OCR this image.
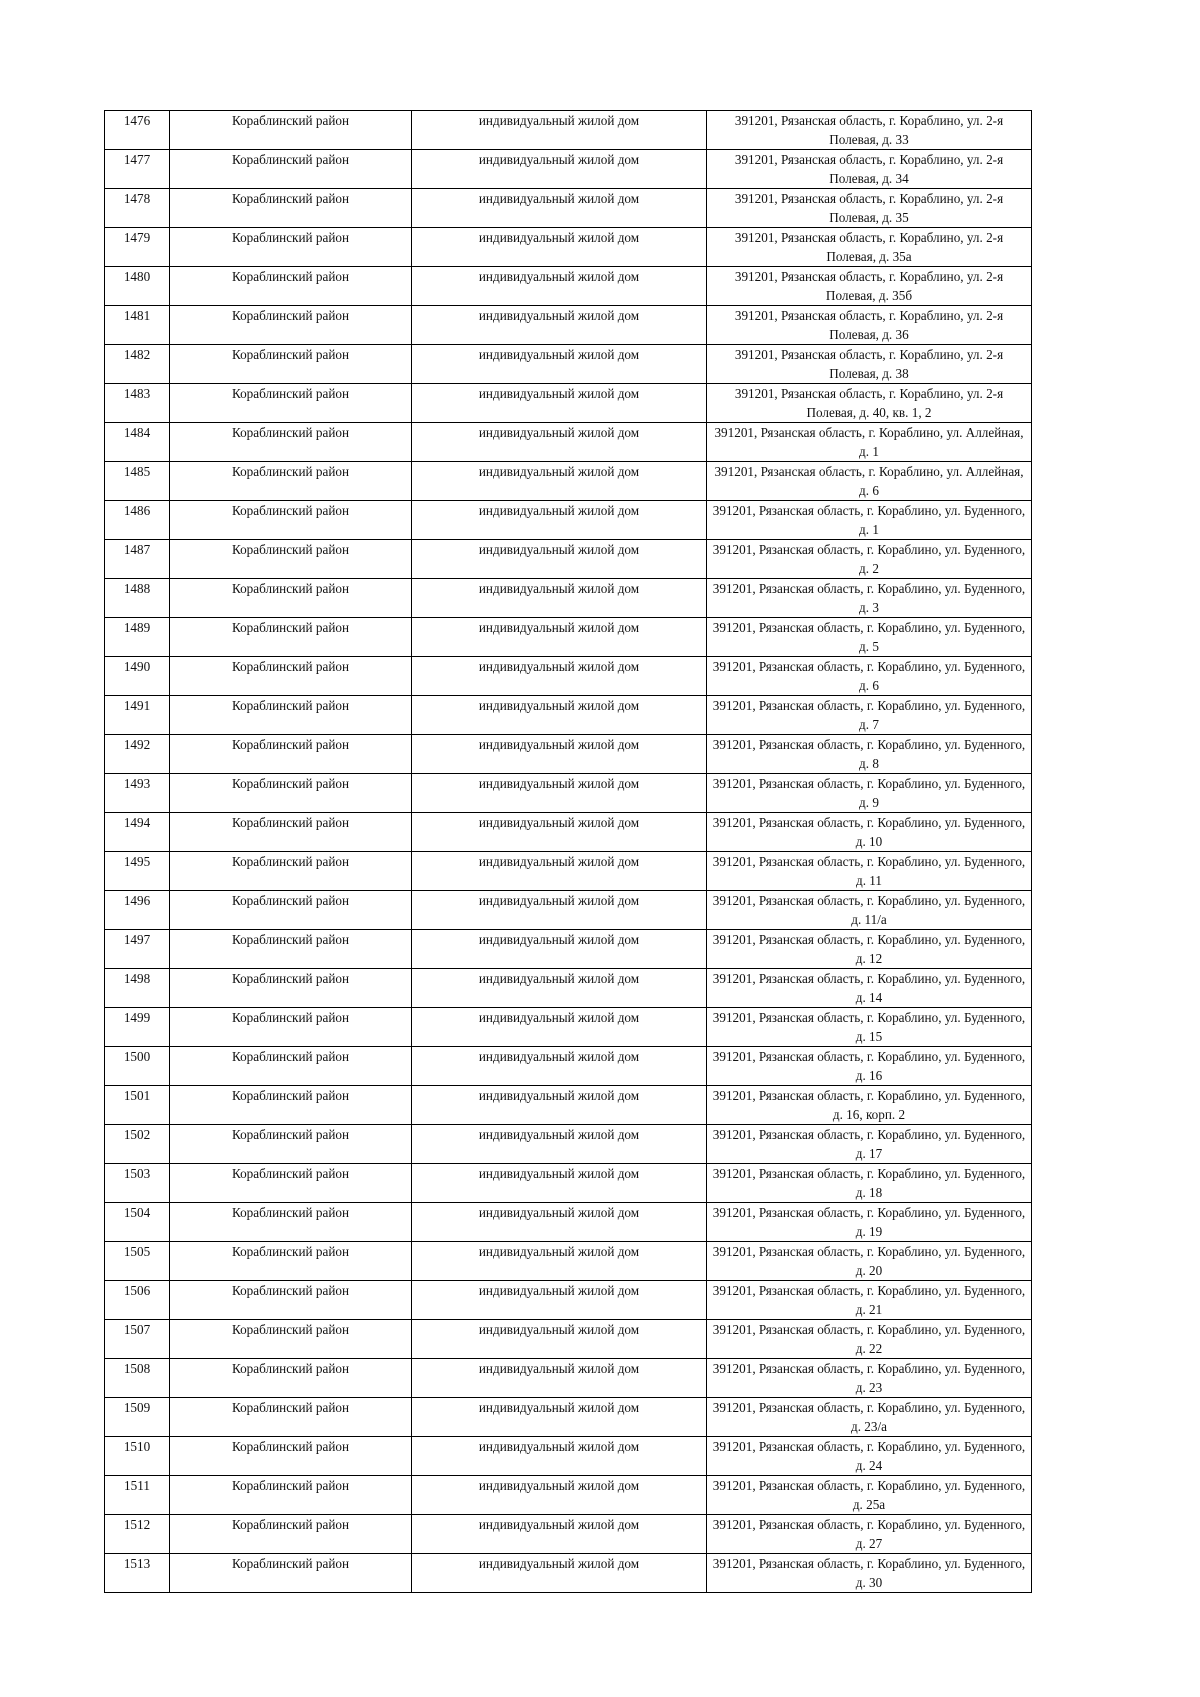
1476	Кораблинский район	индивидуальный жилой дом	391201, Рязанская область, г. Кораблино, ул. 2-я Полевая, д. 33
1477	Кораблинский район	индивидуальный жилой дом	391201, Рязанская область, г. Кораблино, ул. 2-я Полевая, д. 34
1478	Кораблинский район	индивидуальный жилой дом	391201, Рязанская область, г. Кораблино, ул. 2-я Полевая, д. 35
1479	Кораблинский район	индивидуальный жилой дом	391201, Рязанская область, г. Кораблино, ул. 2-я Полевая, д. 35а
1480	Кораблинский район	индивидуальный жилой дом	391201, Рязанская область, г. Кораблино, ул. 2-я Полевая, д. 35б
1481	Кораблинский район	индивидуальный жилой дом	391201, Рязанская область, г. Кораблино, ул. 2-я Полевая, д. 36
1482	Кораблинский район	индивидуальный жилой дом	391201, Рязанская область, г. Кораблино, ул. 2-я Полевая, д. 38
1483	Кораблинский район	индивидуальный жилой дом	391201, Рязанская область, г. Кораблино, ул. 2-я Полевая, д. 40, кв. 1, 2
1484	Кораблинский район	индивидуальный жилой дом	391201, Рязанская область, г. Кораблино, ул. Аллейная, д. 1
1485	Кораблинский район	индивидуальный жилой дом	391201, Рязанская область, г. Кораблино, ул. Аллейная, д. 6
1486	Кораблинский район	индивидуальный жилой дом	391201, Рязанская область, г. Кораблино, ул. Буденного, д. 1
1487	Кораблинский район	индивидуальный жилой дом	391201, Рязанская область, г. Кораблино, ул. Буденного, д. 2
1488	Кораблинский район	индивидуальный жилой дом	391201, Рязанская область, г. Кораблино, ул. Буденного, д. 3
1489	Кораблинский район	индивидуальный жилой дом	391201, Рязанская область, г. Кораблино, ул. Буденного, д. 5
1490	Кораблинский район	индивидуальный жилой дом	391201, Рязанская область, г. Кораблино, ул. Буденного, д. 6
1491	Кораблинский район	индивидуальный жилой дом	391201, Рязанская область, г. Кораблино, ул. Буденного, д. 7
1492	Кораблинский район	индивидуальный жилой дом	391201, Рязанская область, г. Кораблино, ул. Буденного, д. 8
1493	Кораблинский район	индивидуальный жилой дом	391201, Рязанская область, г. Кораблино, ул. Буденного, д. 9
1494	Кораблинский район	индивидуальный жилой дом	391201, Рязанская область, г. Кораблино, ул. Буденного, д. 10
1495	Кораблинский район	индивидуальный жилой дом	391201, Рязанская область, г. Кораблино, ул. Буденного, д. 11
1496	Кораблинский район	индивидуальный жилой дом	391201, Рязанская область, г. Кораблино, ул. Буденного, д. 11/а
1497	Кораблинский район	индивидуальный жилой дом	391201, Рязанская область, г. Кораблино, ул. Буденного, д. 12
1498	Кораблинский район	индивидуальный жилой дом	391201, Рязанская область, г. Кораблино, ул. Буденного, д. 14
1499	Кораблинский район	индивидуальный жилой дом	391201, Рязанская область, г. Кораблино, ул. Буденного, д. 15
1500	Кораблинский район	индивидуальный жилой дом	391201, Рязанская область, г. Кораблино, ул. Буденного, д. 16
1501	Кораблинский район	индивидуальный жилой дом	391201, Рязанская область, г. Кораблино, ул. Буденного, д. 16, корп. 2
1502	Кораблинский район	индивидуальный жилой дом	391201, Рязанская область, г. Кораблино, ул. Буденного, д. 17
1503	Кораблинский район	индивидуальный жилой дом	391201, Рязанская область, г. Кораблино, ул. Буденного, д. 18
1504	Кораблинский район	индивидуальный жилой дом	391201, Рязанская область, г. Кораблино, ул. Буденного, д. 19
1505	Кораблинский район	индивидуальный жилой дом	391201, Рязанская область, г. Кораблино, ул. Буденного, д. 20
1506	Кораблинский район	индивидуальный жилой дом	391201, Рязанская область, г. Кораблино, ул. Буденного, д. 21
1507	Кораблинский район	индивидуальный жилой дом	391201, Рязанская область, г. Кораблино, ул. Буденного, д. 22
1508	Кораблинский район	индивидуальный жилой дом	391201, Рязанская область, г. Кораблино, ул. Буденного, д. 23
1509	Кораблинский район	индивидуальный жилой дом	391201, Рязанская область, г. Кораблино, ул. Буденного, д. 23/а
1510	Кораблинский район	индивидуальный жилой дом	391201, Рязанская область, г. Кораблино, ул. Буденного, д. 24
1511	Кораблинский район	индивидуальный жилой дом	391201, Рязанская область, г. Кораблино, ул. Буденного, д. 25а
1512	Кораблинский район	индивидуальный жилой дом	391201, Рязанская область, г. Кораблино, ул. Буденного, д. 27
1513	Кораблинский район	индивидуальный жилой дом	391201, Рязанская область, г. Кораблино, ул. Буденного, д. 30
